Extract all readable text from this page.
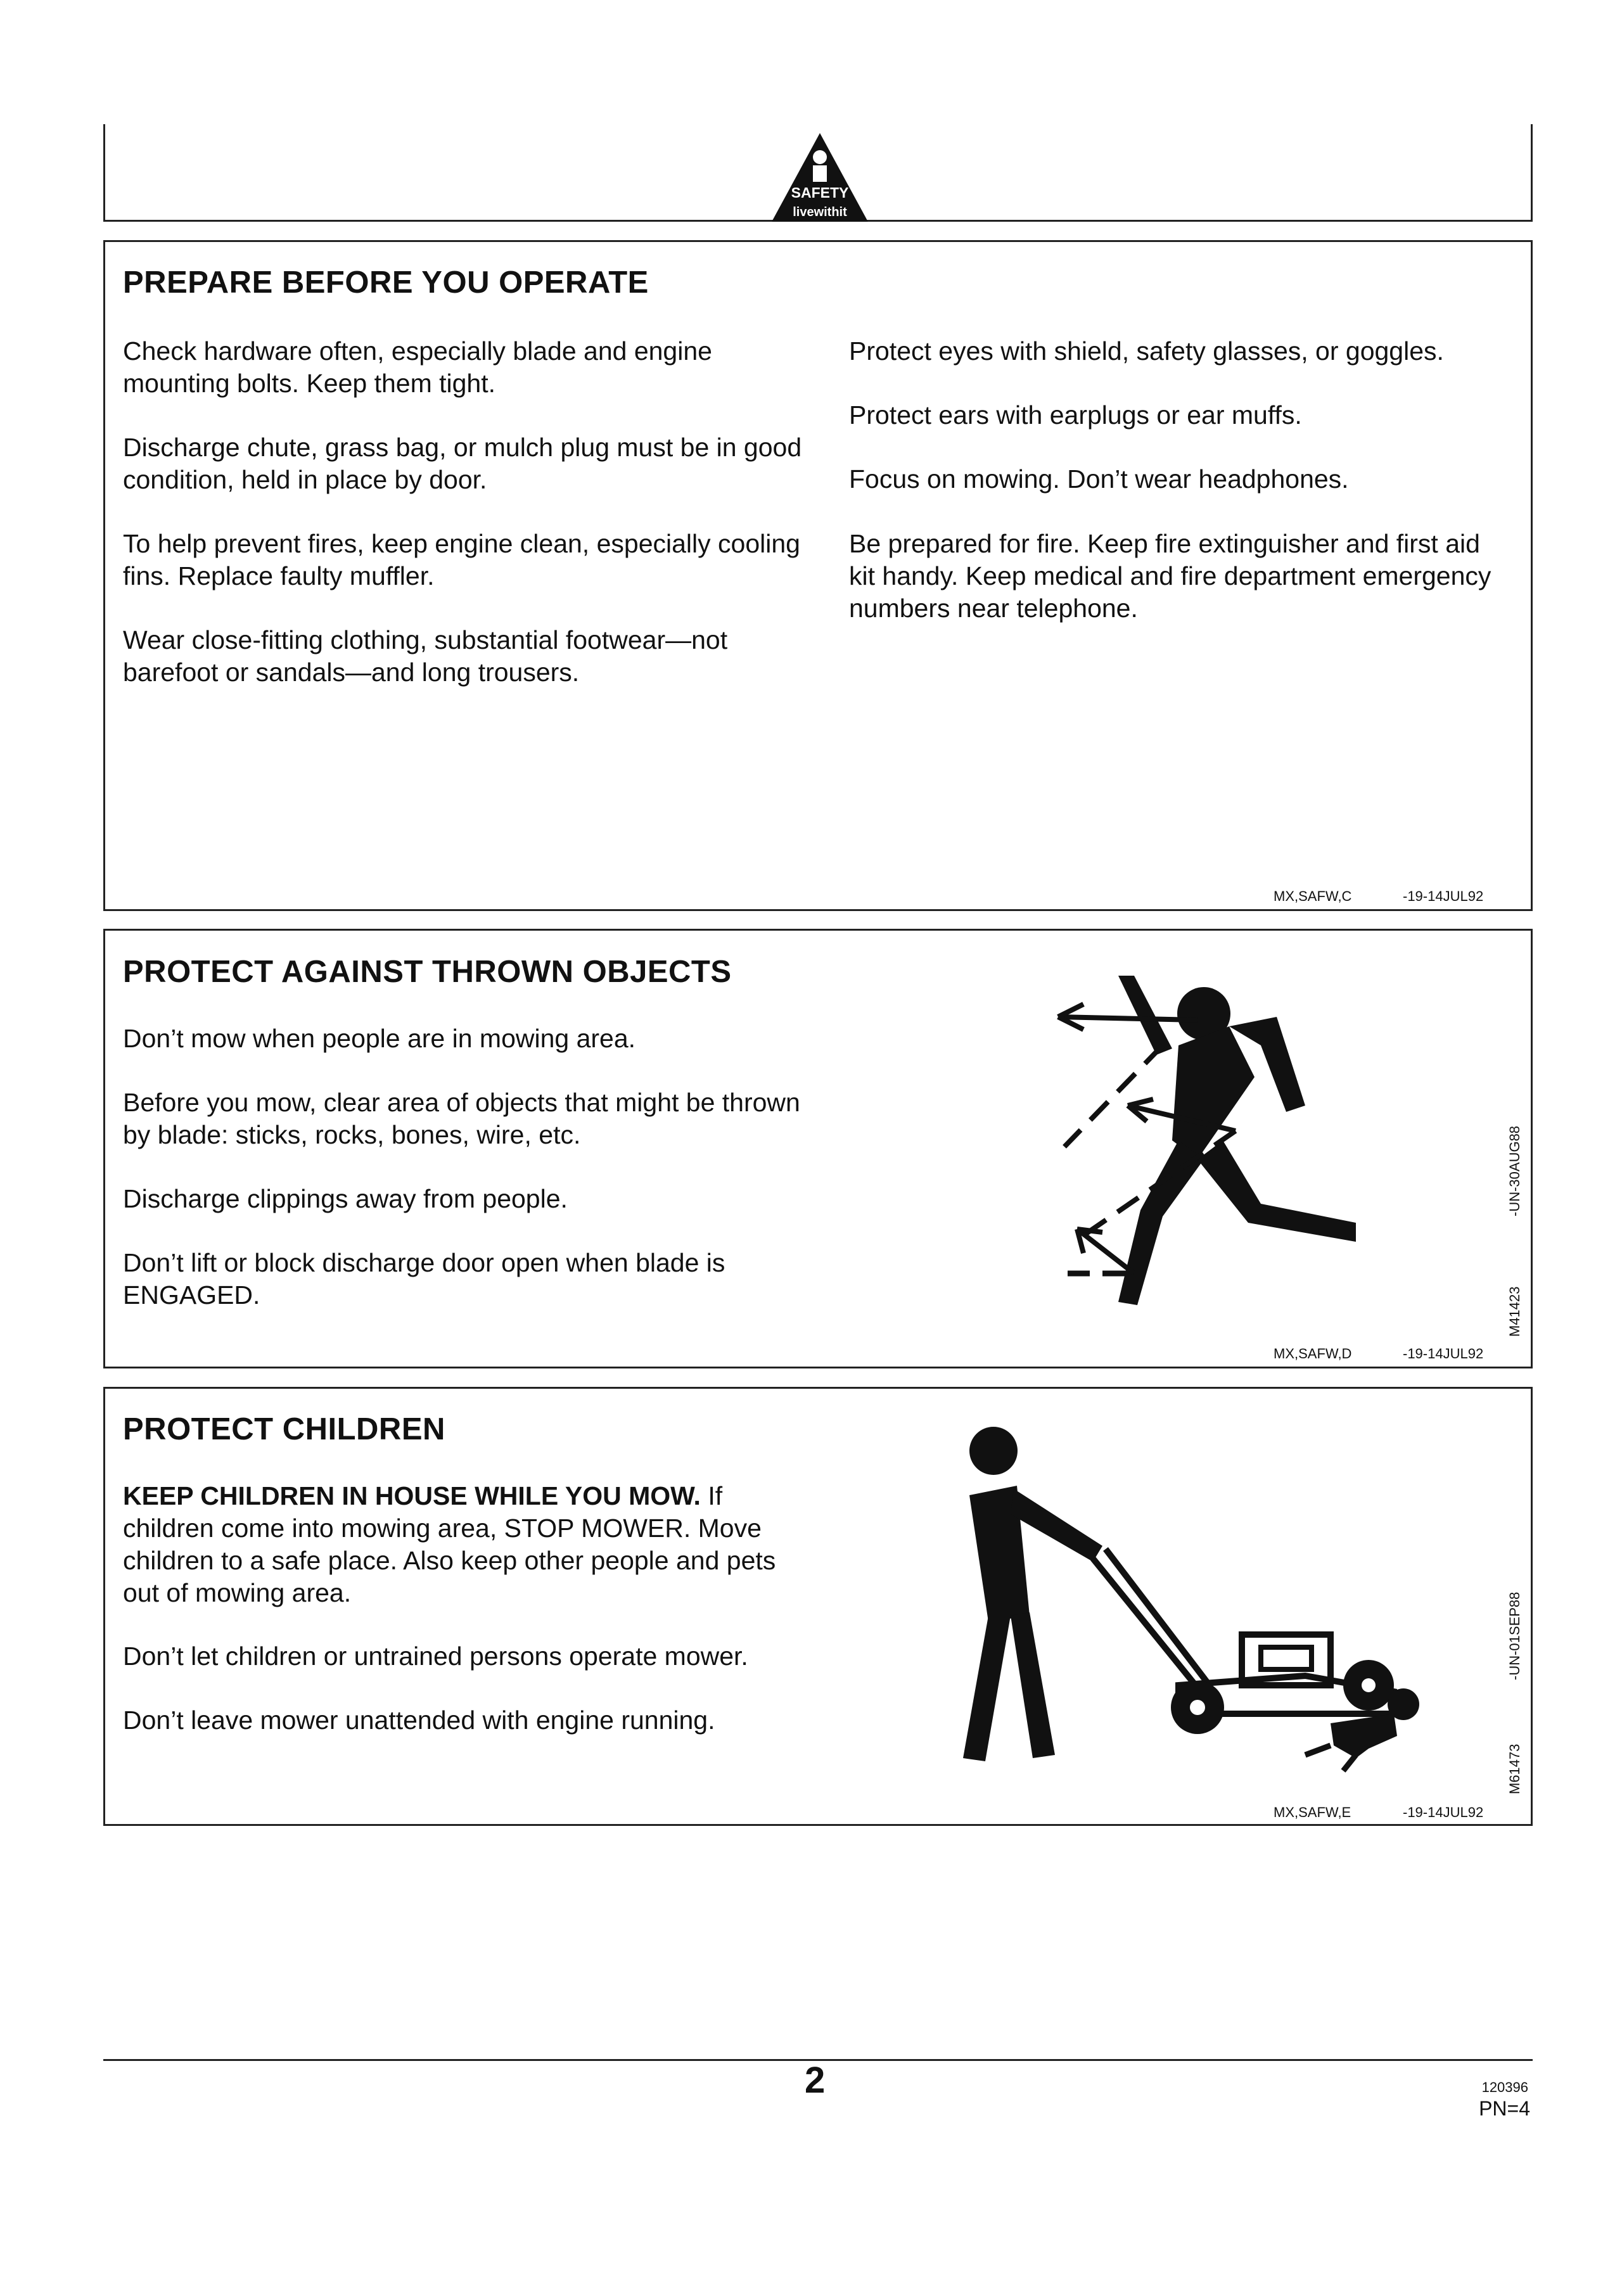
SAFETY
livewithit
PREPARE BEFORE YOU OPERATE

Check hardware often, especially blade and engine mounting bolts. Keep them tight.

Discharge chute, grass bag, or mulch plug must be in good condition, held in place by door.

To help prevent fires, keep engine clean, especially cooling fins. Replace faulty muffler.

Wear close-fitting clothing, substantial footwear—not barefoot or sandals—and long trousers.

Protect eyes with shield, safety glasses, or goggles.

Protect ears with earplugs or ear muffs.

Focus on mowing. Don’t wear headphones.

Be prepared for fire. Keep fire extinguisher and first aid kit handy. Keep medical and fire department emergency numbers near telephone.

MX,SAFW,C	-19-14JUL92
PROTECT AGAINST THROWN OBJECTS

Don’t mow when people are in mowing area.

Before you mow, clear area of objects that might be thrown by blade: sticks, rocks, bones, wire, etc.

Discharge clippings away from people.

Don’t lift or block discharge door open when blade is ENGAGED.	M41423
-UN-30AUG88
MX,SAFW,D	-19-14JUL92
PROTECT CHILDREN

KEEP CHILDREN IN HOUSE WHILE YOU MOW. If children come into mowing area, STOP MOWER. Move children to a safe place. Also keep other people and pets out of mowing area.

Don’t let children or untrained persons operate mower.

Don’t leave mower unattended with engine running.

M61473
-UN-01SEP88
MX,SAFW,E	-19-14JUL92
2	120396
PN=4
